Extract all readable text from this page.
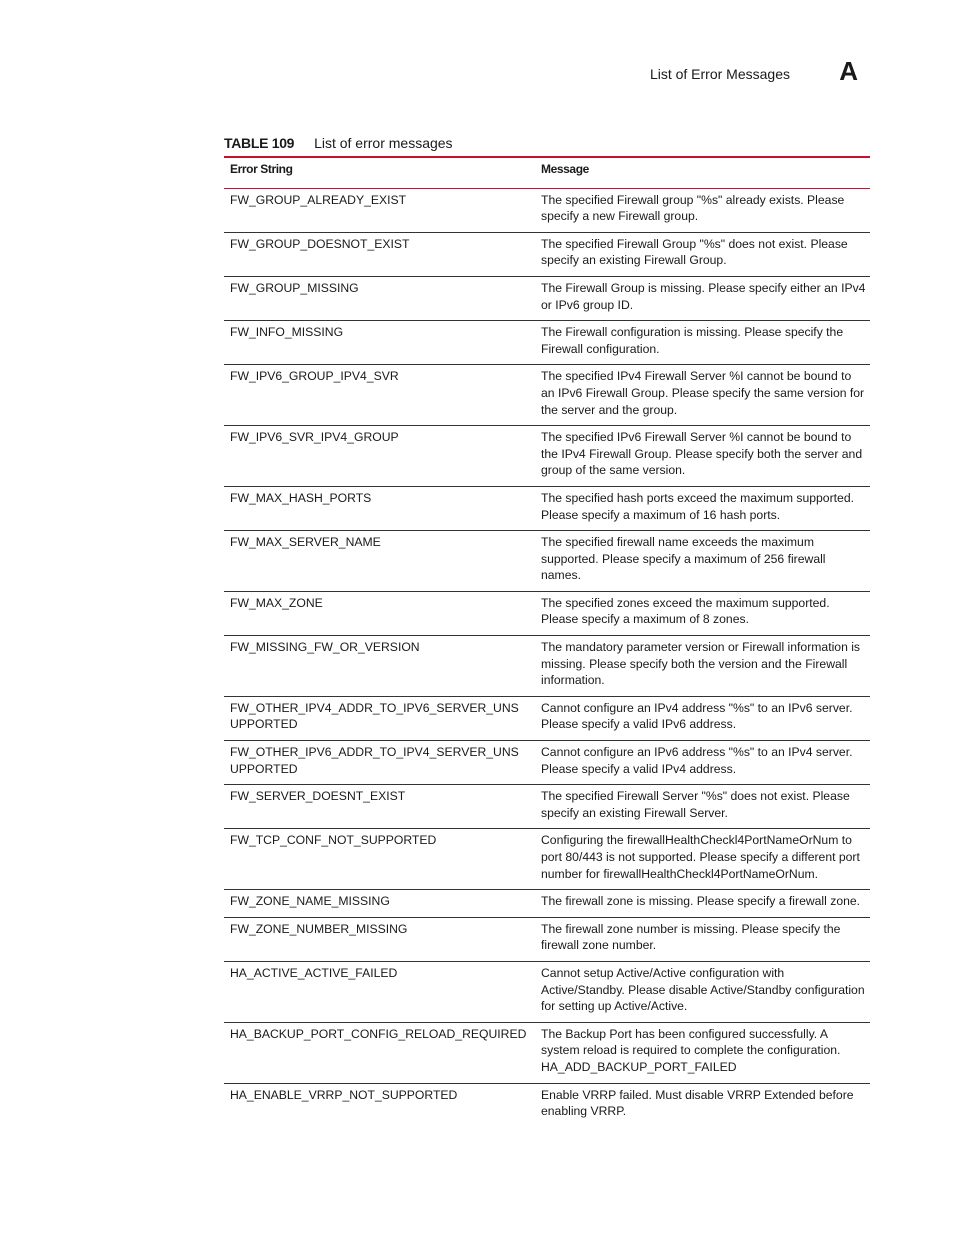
List of Error Messages A
TABLE 109 List of error messages
Error String	Message
FW_GROUP_ALREADY_EXIST	The specified Firewall group "%s" already exists. Please specify a new Firewall group.
FW_GROUP_DOESNOT_EXIST	The specified Firewall Group "%s" does not exist. Please specify an existing Firewall Group.
FW_GROUP_MISSING	The Firewall Group is missing. Please specify either an IPv4 or IPv6 group ID.
FW_INFO_MISSING	The Firewall configuration is missing. Please specify the Firewall configuration.
FW_IPV6_GROUP_IPV4_SVR	The specified IPv4 Firewall Server %I cannot be bound to an IPv6 Firewall Group. Please specify the same version for the server and the group.
FW_IPV6_SVR_IPV4_GROUP	The specified IPv6 Firewall Server %I cannot be bound to the IPv4 Firewall Group. Please specify both the server and group of the same version.
FW_MAX_HASH_PORTS	The specified hash ports exceed the maximum supported. Please specify a maximum of 16 hash ports.
FW_MAX_SERVER_NAME	The specified firewall name exceeds the maximum supported. Please specify a maximum of 256 firewall names.
FW_MAX_ZONE	The specified zones exceed the maximum supported. Please specify a maximum of 8 zones.
FW_MISSING_FW_OR_VERSION	The mandatory parameter version or Firewall information is missing. Please specify both the version and the Firewall information.
FW_OTHER_IPV4_ADDR_TO_IPV6_SERVER_UNSUPPORTED	Cannot configure an IPv4 address "%s" to an IPv6 server. Please specify a valid IPv6 address.
FW_OTHER_IPV6_ADDR_TO_IPV4_SERVER_UNSUPPORTED	Cannot configure an IPv6 address "%s" to an IPv4 server. Please specify a valid IPv4 address.
FW_SERVER_DOESNT_EXIST	The specified Firewall Server "%s" does not exist. Please specify an existing Firewall Server.
FW_TCP_CONF_NOT_SUPPORTED	Configuring the firewallHealthCheckl4PortNameOrNum to port 80/443 is not supported. Please specify a different port number for firewallHealthCheckl4PortNameOrNum.
FW_ZONE_NAME_MISSING	The firewall zone is missing. Please specify a firewall zone.
FW_ZONE_NUMBER_MISSING	The firewall zone number is missing. Please specify the firewall zone number.
HA_ACTIVE_ACTIVE_FAILED	Cannot setup Active/Active configuration with Active/Standby. Please disable Active/Standby configuration for setting up Active/Active.
HA_BACKUP_PORT_CONFIG_RELOAD_REQUIRED	The Backup Port has been configured successfully. A system reload is required to complete the configuration. HA_ADD_BACKUP_PORT_FAILED
HA_ENABLE_VRRP_NOT_SUPPORTED	Enable VRRP failed. Must disable VRRP Extended before enabling VRRP.
